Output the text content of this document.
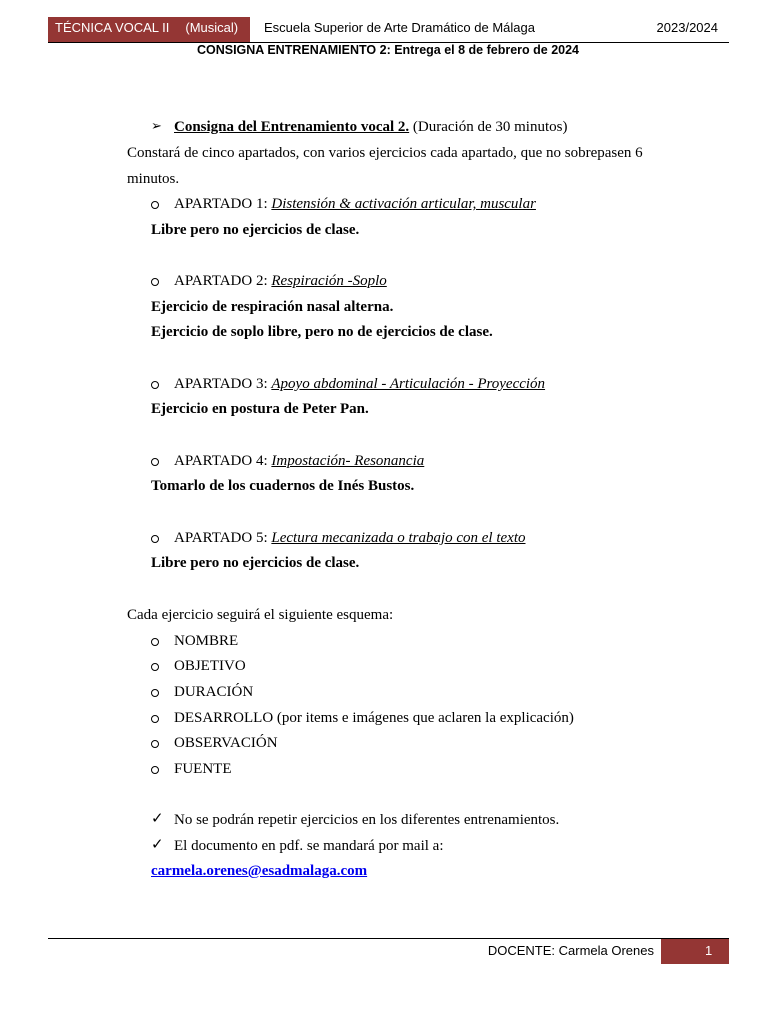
TÉCNICA VOCAL II (Musical) Escuela Superior de Arte Dramático de Málaga	2023/2024
CONSIGNA ENTRENAMIENTO 2: Entrega el 8 de febrero de 2024
➢ Consigna del Entrenamiento vocal 2. (Duración de 30 minutos)
Constará de cinco apartados, con varios ejercicios cada apartado, que no sobrepasen 6
minutos.
APARTADO 1: Distensión & activación articular, muscular
Libre pero no ejercicios de clase.
APARTADO 2: Respiración -Soplo
Ejercicio de respiración nasal alterna.
Ejercicio de soplo libre, pero no de ejercicios de clase.
APARTADO 3: Apoyo abdominal - Articulación - Proyección
Ejercicio en postura de Peter Pan.
APARTADO 4: Impostación- Resonancia
Tomarlo de los cuadernos de Inés Bustos.
APARTADO 5: Lectura mecanizada o trabajo con el texto
Libre pero no ejercicios de clase.
Cada ejercicio seguirá el siguiente esquema:
NOMBRE
OBJETIVO
DURACIÓN
DESARROLLO (por items e imágenes que aclaren la explicación)
OBSERVACIÓN
FUENTE
✓ No se podrán repetir ejercicios en los diferentes entrenamientos.
✓ El documento en pdf. se mandará por mail a:
carmela.orenes@esadmalaga.com
DOCENTE: Carmela Orenes	1
